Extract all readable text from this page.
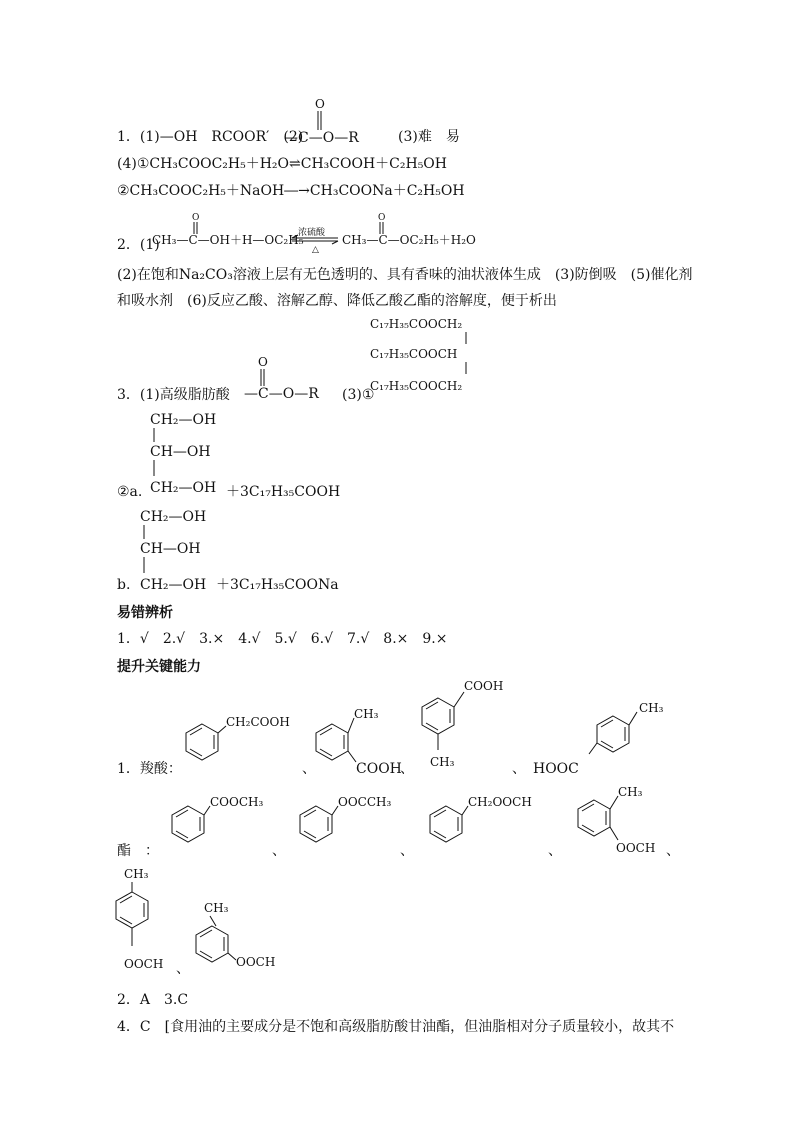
1．(1)—OH　RCOOR′　(2)
O
—C—O—R	(3)难　易
(4)①CH₃COOC₂H₅＋H₂O⇌CH₃COOH＋C₂H₅OH
②CH₃COOC₂H₅＋NaOH―→CH₃COONa＋C₂H₅OH
2．(1)
O
CH₃—C—OH＋H—OC₂H₅
浓硫酸
△
O
CH₃—C—OC₂H₅＋H₂O
(2)在饱和Na₂CO₃溶液上层有无色透明的、具有香味的油状液体生成　(3)防倒吸　(5)催化剂和吸水剂　(6)反应乙酸、溶解乙醇、降低乙酸乙酯的溶解度，便于析出
3．(1)高级脂肪酸
O
—C—O—R (3)①
C₁₇H₃₅COOCH₂
C₁₇H₃₅COOCH
C₁₇H₃₅COOCH₂
CH₂—OH
CH—OH
CH₂—OH
②a.	＋3C₁₇H₃₅COOH
CH₂—OH
CH—OH
CH₂—OH
b.	＋3C₁₇H₃₅COONa
易错辨析
1．√　2.√　3.×　4.√　5.√　6.√　7.√　8.×　9.×
提升关键能力
1．羧酸：
CH₂COOH
、
CH₃
COOH
、
COOH
CH₃	、
CH₃
HOOC
酯　：
COOCH₃
、
OOCCH₃
、
CH₂OOCH
、
CH₃
OOCH 、
CH₃
OOCH 、
CH₃
OOCH
2．A　3.C
4．C　[食用油的主要成分是不饱和高级脂肪酸甘油酯，但油脂相对分子质量较小，故其不
